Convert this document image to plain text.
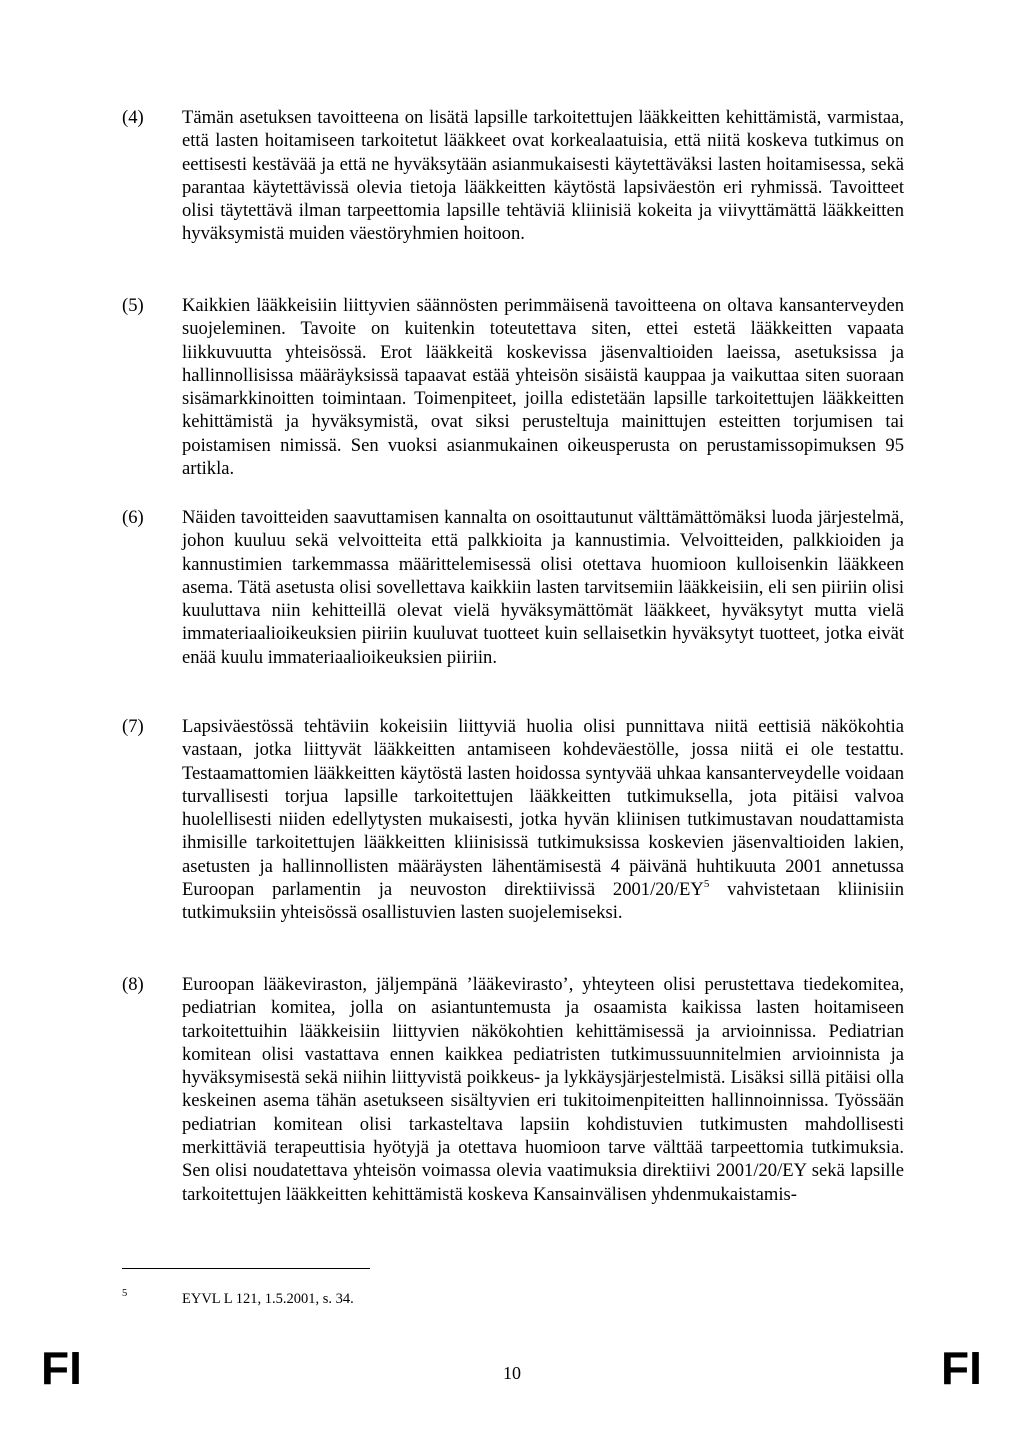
(4)	Tämän asetuksen tavoitteena on lisätä lapsille tarkoitettujen lääkkeitten kehittämistä, varmistaa, että lasten hoitamiseen tarkoitetut lääkkeet ovat korkealaatuisia, että niitä koskeva tutkimus on eettisesti kestävää ja että ne hyväksytään asianmukaisesti käytettäväksi lasten hoitamisessa, sekä parantaa käytettävissä olevia tietoja lääkkeitten käytöstä lapsiväestön eri ryhmissä. Tavoitteet olisi täytettävä ilman tarpeettomia lapsille tehtäviä kliinisiä kokeita ja viivyttämättä lääkkeitten hyväksymistä muiden väestöryhmien hoitoon.
(5)	Kaikkien lääkkeisiin liittyvien säännösten perimmäisenä tavoitteena on oltava kansanterveyden suojeleminen. Tavoite on kuitenkin toteutettava siten, ettei estetä lääkkeitten vapaata liikkuvuutta yhteisössä. Erot lääkkeitä koskevissa jäsenvaltioiden laeissa, asetuksissa ja hallinnollisissa määräyksissä tapaavat estää yhteisön sisäistä kauppaa ja vaikuttaa siten suoraan sisämarkkinoitten toimintaan. Toimenpiteet, joilla edistetään lapsille tarkoitettujen lääkkeitten kehittämistä ja hyväksymistä, ovat siksi perusteltuja mainittujen esteitten torjumisen tai poistamisen nimissä. Sen vuoksi asianmukainen oikeusperusta on perustamissopimuksen 95 artikla.
(6)	Näiden tavoitteiden saavuttamisen kannalta on osoittautunut välttämättömäksi luoda järjestelmä, johon kuuluu sekä velvoitteita että palkkioita ja kannustimia. Velvoitteiden, palkkioiden ja kannustimien tarkemmassa määrittelemisessä olisi otettava huomioon kulloisenkin lääkkeen asema. Tätä asetusta olisi sovellettava kaikkiin lasten tarvitsemiin lääkkeisiin, eli sen piiriin olisi kuuluttava niin kehitteillä olevat vielä hyväksymättömät lääkkeet, hyväksytyt mutta vielä immateriaalioikeuksien piiriin kuuluvat tuotteet kuin sellaisetkin hyväksytyt tuotteet, jotka eivät enää kuulu immateriaalioikeuksien piiriin.
(7)	Lapsiväestössä tehtäviin kokeisiin liittyviä huolia olisi punnittava niitä eettisiä näkökohtia vastaan, jotka liittyvät lääkkeitten antamiseen kohdeväestölle, jossa niitä ei ole testattu. Testaamattomien lääkkeitten käytöstä lasten hoidossa syntyvää uhkaa kansanterveydelle voidaan turvallisesti torjua lapsille tarkoitettujen lääkkeitten tutkimuksella, jota pitäisi valvoa huolellisesti niiden edellytysten mukaisesti, jotka hyvän kliinisen tutkimustavan noudattamista ihmisille tarkoitettujen lääkkeitten kliinisissä tutkimuksissa koskevien jäsenvaltioiden lakien, asetusten ja hallinnollisten määräysten lähentämisestä 4 päivänä huhtikuuta 2001 annetussa Euroopan parlamentin ja neuvoston direktiivissä $2001/20/EY^5$ vahvistetaan kliinisiin tutkimuksiin yhteisössä osallistuvien lasten suojelemiseksi.
(8)	Euroopan lääkeviraston, jäljempänä ’lääkevirasto’, yhteyteen olisi perustettava tiedekomitea, pediatrian komitea, jolla on asiantuntemusta ja osaamista kaikissa lasten hoitamiseen tarkoitettuihin lääkkeisiin liittyvien näkökohtien kehittämisessä ja arvioinnissa. Pediatrian komitean olisi vastattava ennen kaikkea pediatristen tutkimussuunnitelmien arvioinnista ja hyväksymisestä sekä niihin liittyvistä poikkeus- ja lykkäysjärjestelmistä. Lisäksi sillä pitäisi olla keskeinen asema tähän asetukseen sisältyvien eri tukitoimenpiteitten hallinnoinnissa. Työssään pediatrian komitean olisi tarkasteltava lapsiin kohdistuvien tutkimusten mahdollisesti merkittäviä terapeuttisia hyötyjä ja otettava huomioon tarve välttää tarpeettomia tutkimuksia. Sen olisi noudatettava yhteisön voimassa olevia vaatimuksia direktiivi 2001/20/EY sekä lapsille tarkoitettujen lääkkeitten kehittämistä koskeva Kansainvälisen yhdenmukaistamis-
5	EYVL L 121, 1.5.2001, s. 34.
FI	10	FI
